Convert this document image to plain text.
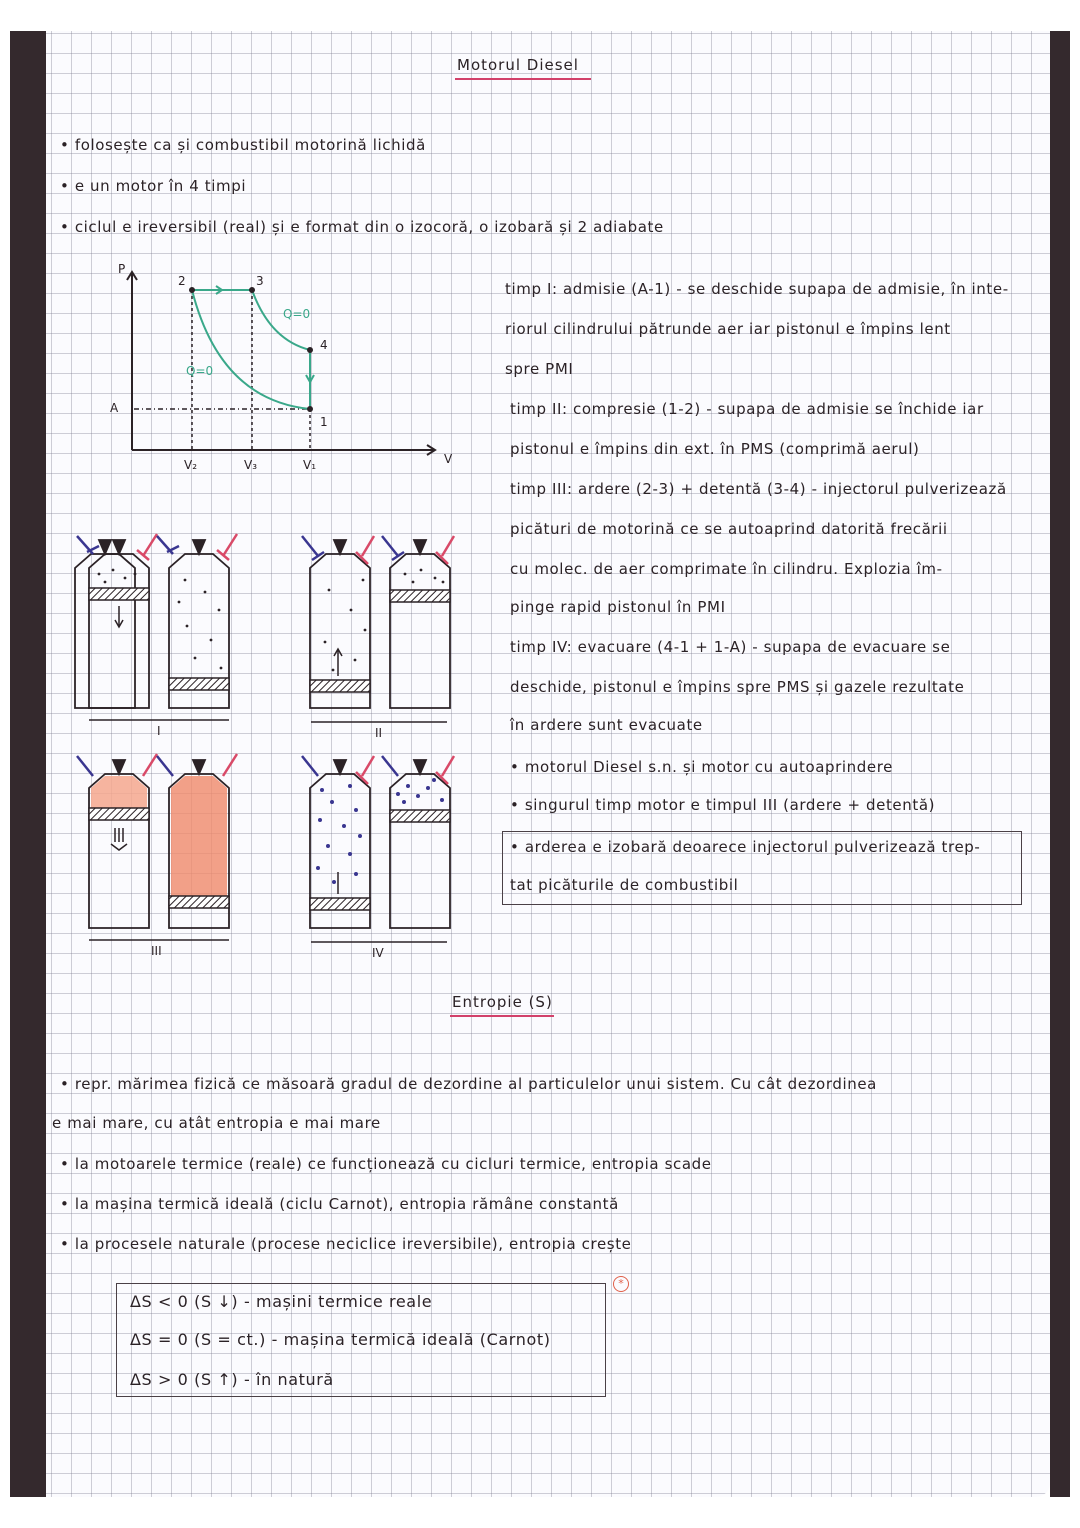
Motorul Diesel
• folosește ca și combustibil motorină lichidă
• e un motor în 4 timpi
• ciclul e ireversibil (real) și e format din o izocoră, o izobară și 2 adiabate
P
V
2	3
4
1
A
Q=0
Q=0
V₂	V₃	V₁
I	II
III	IV
timp I: admisie (A-1) - se deschide supapa de admisie, în inte-
riorul cilindrului pătrunde aer iar pistonul e împins lent
spre PMI
timp II: compresie (1-2) - supapa de admisie se închide iar
pistonul e împins din ext. în PMS (comprimă aerul)
timp III: ardere (2-3) + detentă (3-4) - injectorul pulverizează
picături de motorină ce se autoaprind datorită frecării
cu molec. de aer comprimate în cilindru. Explozia îm-
pinge rapid pistonul în PMI
timp IV: evacuare (4-1 + 1-A) - supapa de evacuare se
deschide, pistonul e împins spre PMS și gazele rezultate
în ardere sunt evacuate
• motorul Diesel s.n. și motor cu autoaprindere
• singurul timp motor e timpul III (ardere + detentă)
• arderea e izobară deoarece injectorul pulverizează trep-
tat picăturile de combustibil
Entropie (S)
• repr. mărimea fizică ce măsoară gradul de dezordine al particulelor unui sistem. Cu cât dezordinea
e mai mare, cu atât entropia e mai mare
• la motoarele termice (reale) ce funcționează cu cicluri termice, entropia scade
• la mașina termică ideală (ciclu Carnot), entropia rămâne constantă
• la procesele naturale (procese neciclice ireversibile), entropia crește
ΔS < 0 (S ↓) - mașini termice reale
ΔS = 0 (S = ct.) - mașina termică ideală (Carnot)
ΔS > 0 (S ↑) - în natură
*
